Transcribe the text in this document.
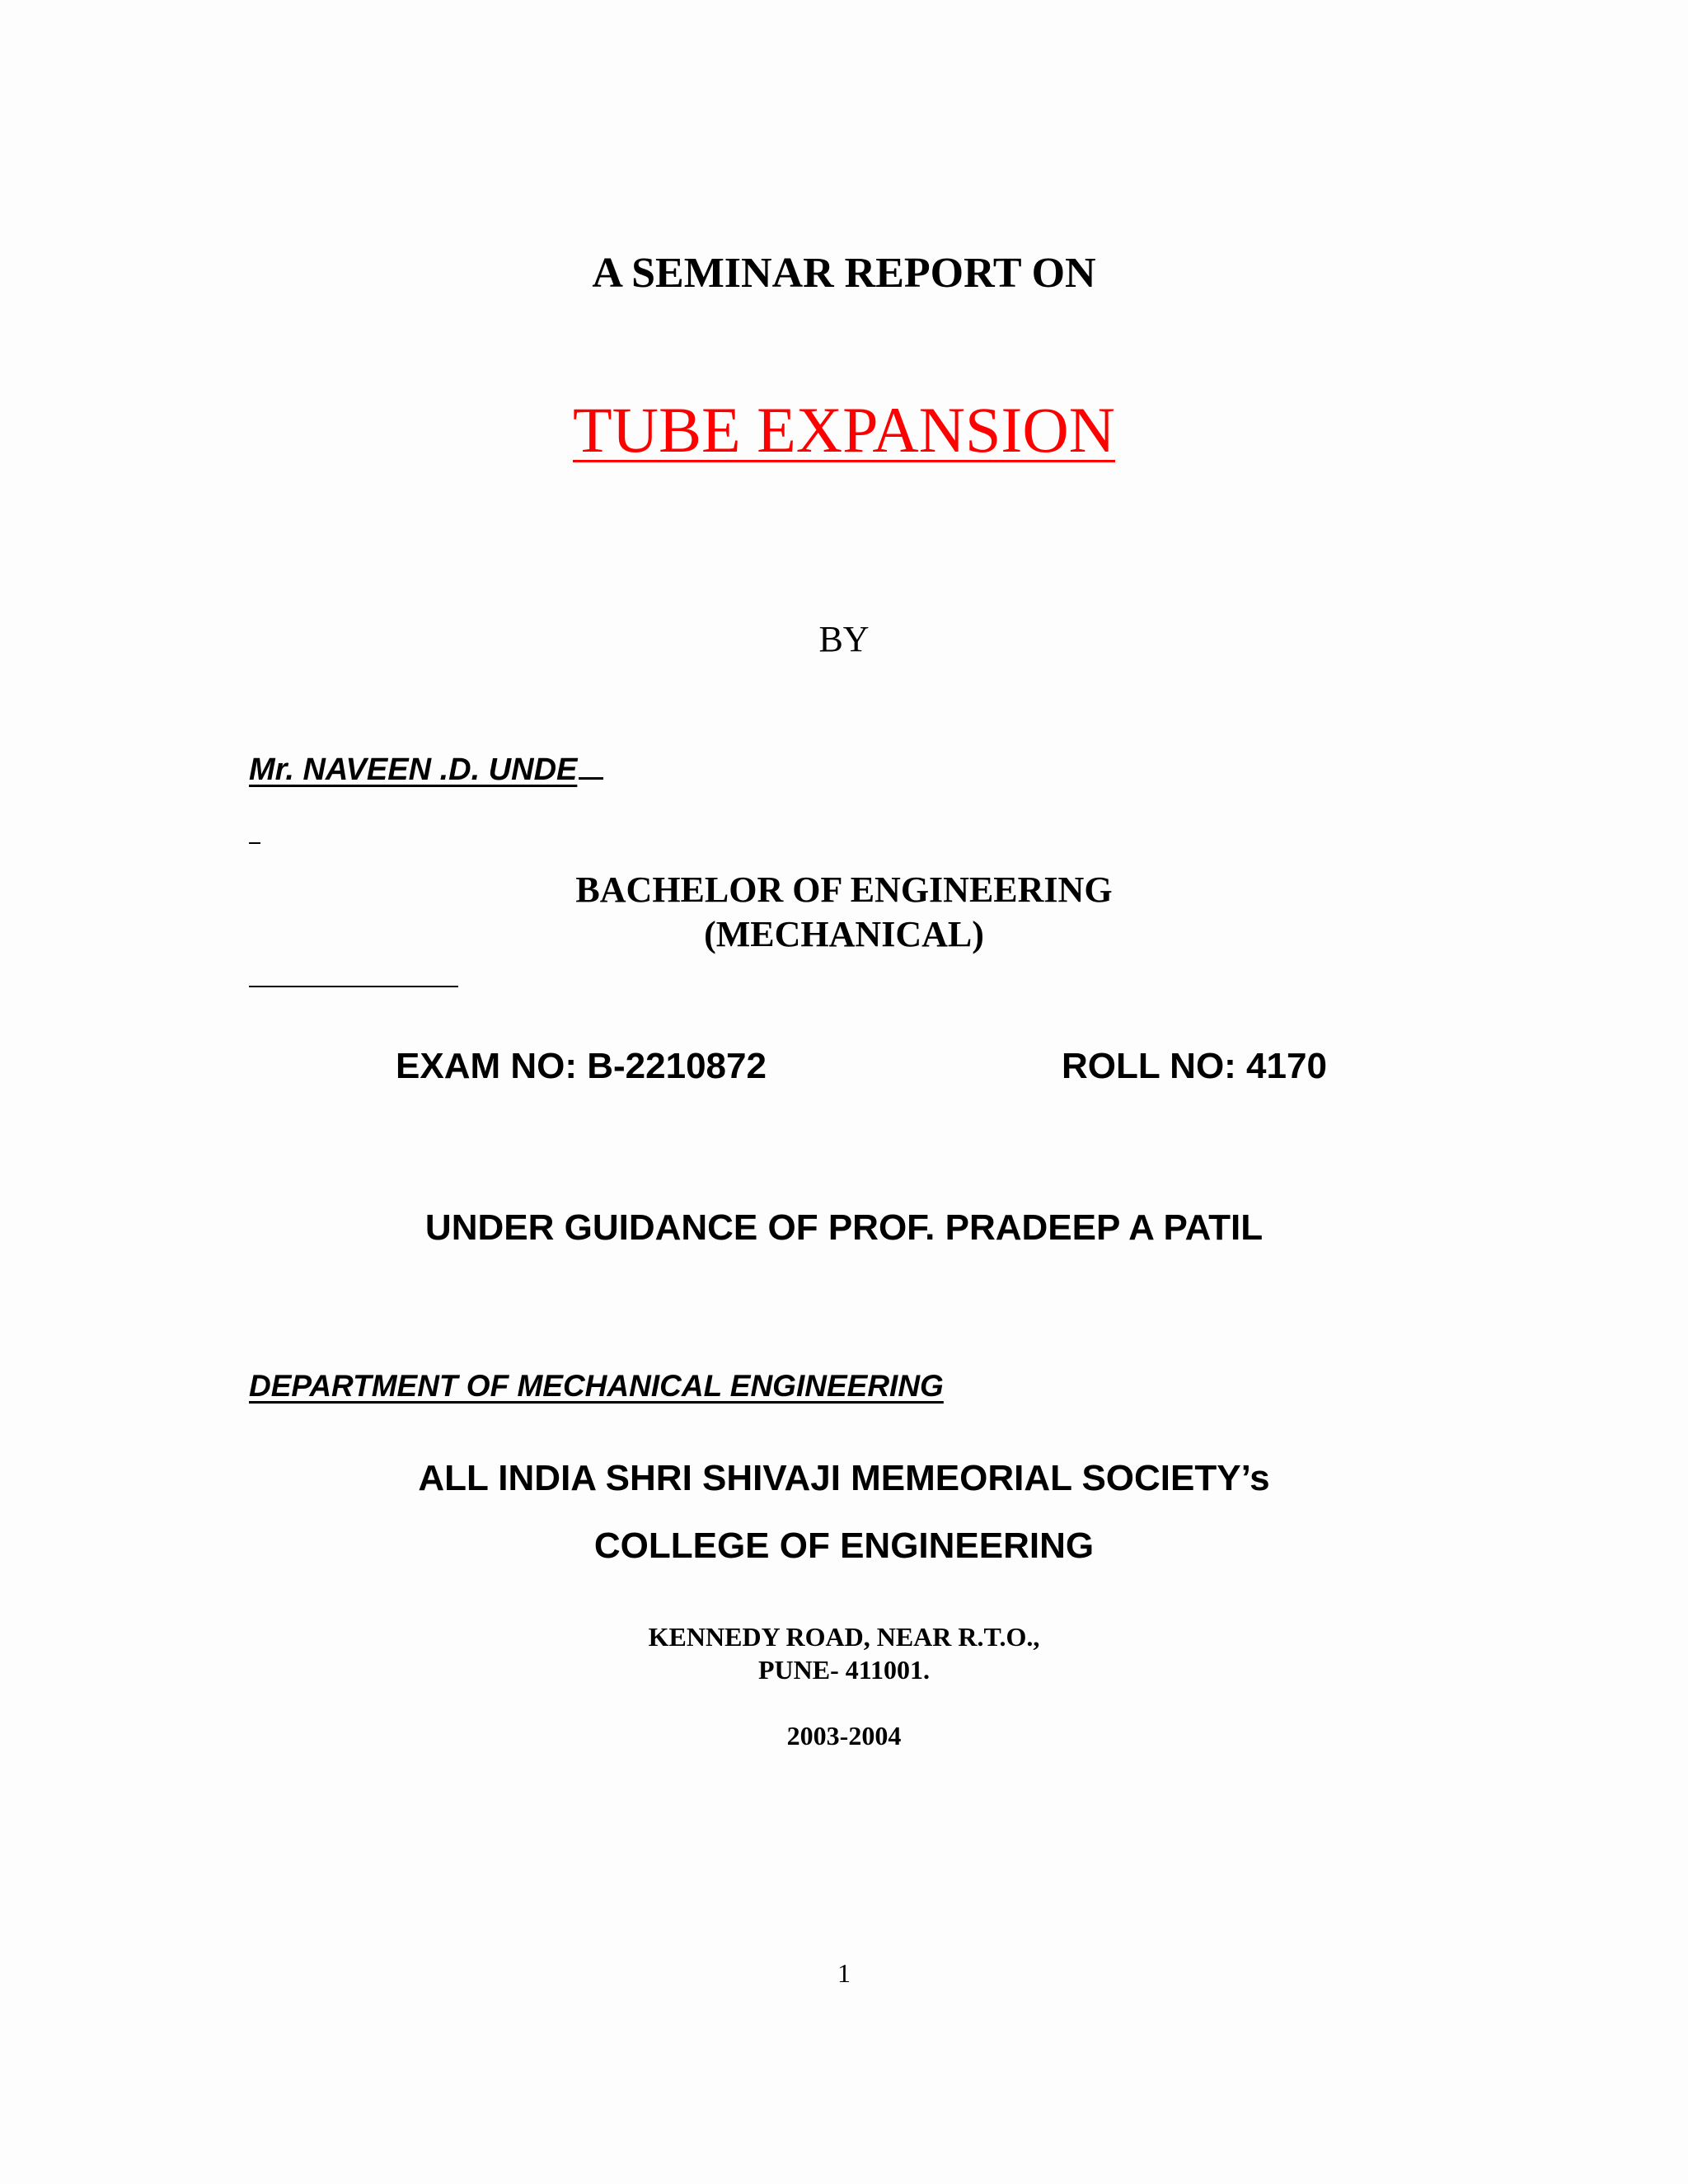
A SEMINAR REPORT ON
TUBE EXPANSION
BY
Mr. NAVEEN .D. UNDE
BACHELOR OF ENGINEERING
(MECHANICAL)
EXAM NO: B-2210872	ROLL NO: 4170
UNDER GUIDANCE OF PROF. PRADEEP A PATIL
DEPARTMENT OF MECHANICAL ENGINEERING
ALL INDIA SHRI SHIVAJI MEMEORIAL SOCIETY’s
COLLEGE OF ENGINEERING
KENNEDY ROAD, NEAR R.T.O.,
PUNE- 411001.
2003-2004
1
